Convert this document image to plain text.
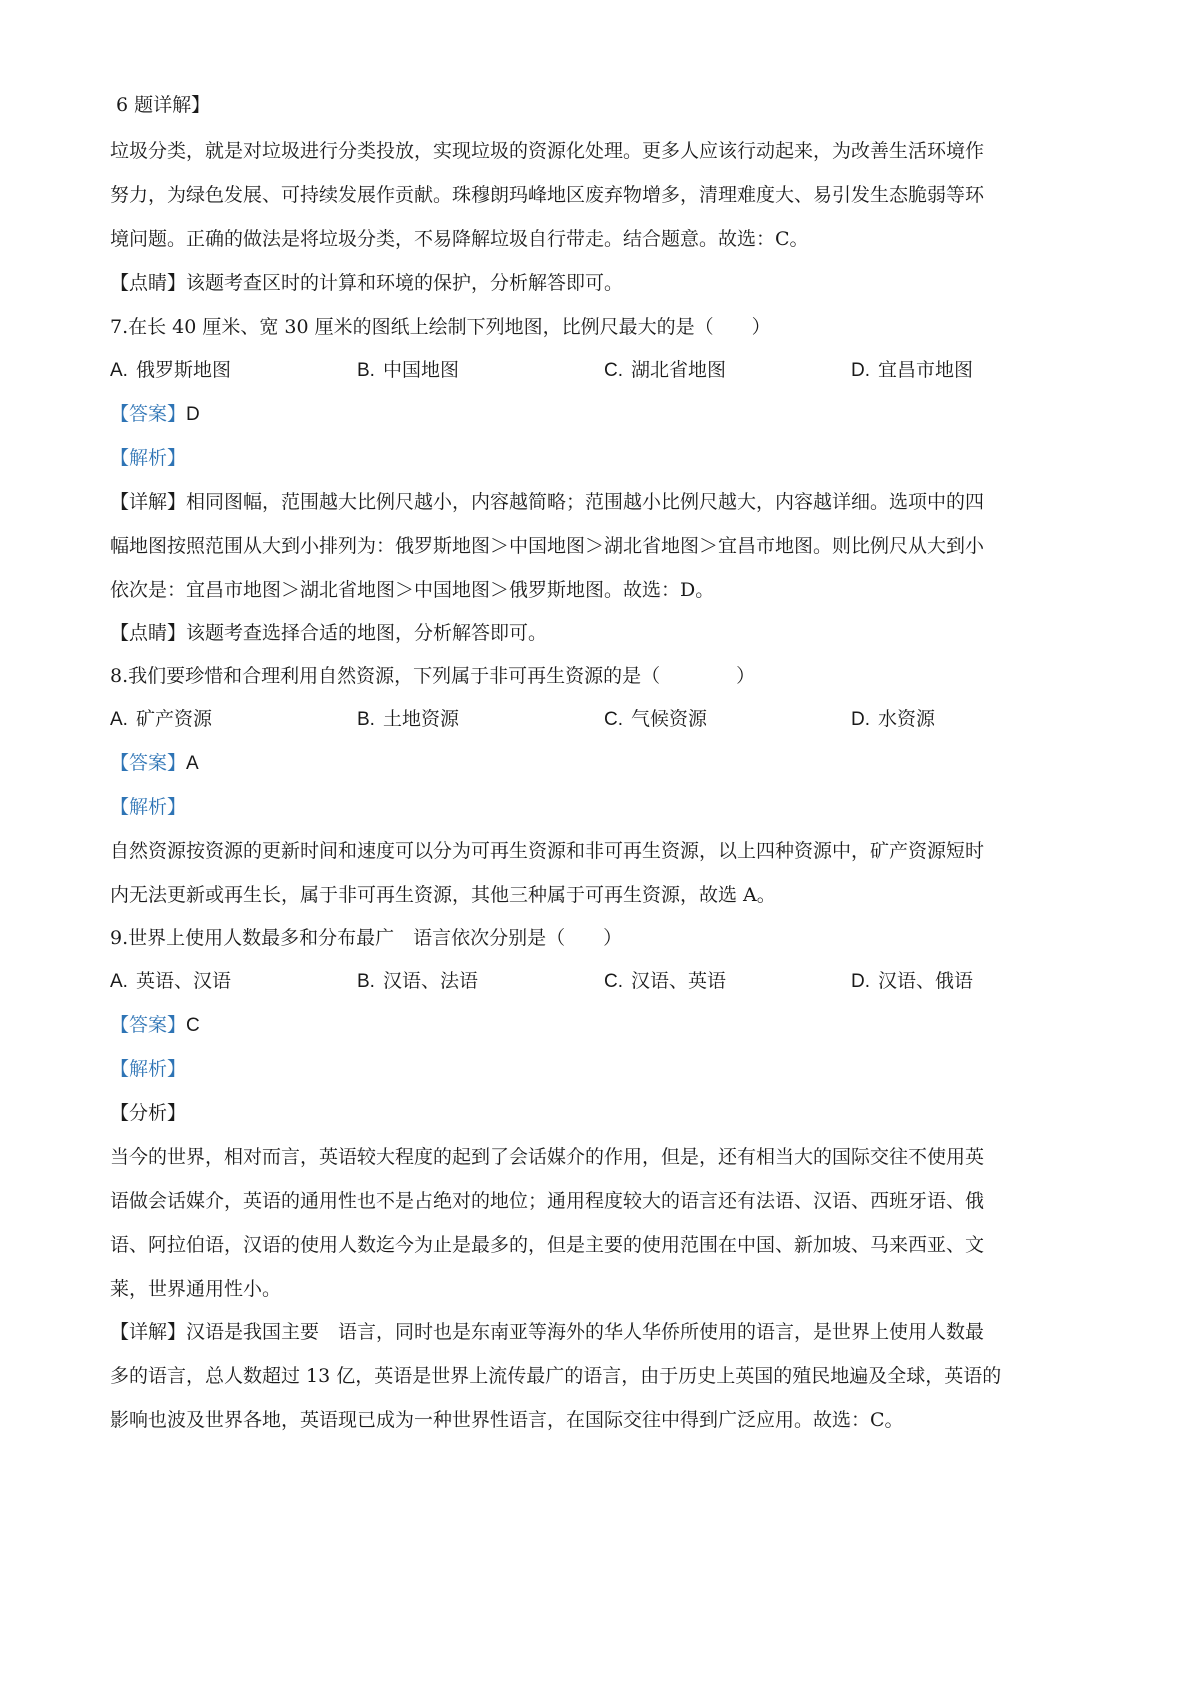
6 题详解】
垃圾分类，就是对垃圾进行分类投放，实现垃圾的资源化处理。更多人应该行动起来，为改善生活环境作
努力，为绿色发展、可持续发展作贡献。珠穆朗玛峰地区废弃物增多，清理难度大、易引发生态脆弱等环
境问题。正确的做法是将垃圾分类，不易降解垃圾自行带走。结合题意。故选：C。
【点睛】该题考查区时的计算和环境的保护，分析解答即可。
7.在长 40 厘米、宽 30 厘米的图纸上绘制下列地图，比例尺最大的是（　　）
A. 俄罗斯地图	B. 中国地图	C. 湖北省地图	D. 宜昌市地图
【答案】D
【解析】
【详解】相同图幅，范围越大比例尺越小，内容越简略；范围越小比例尺越大，内容越详细。选项中的四
幅地图按照范围从大到小排列为：俄罗斯地图＞中国地图＞湖北省地图＞宜昌市地图。则比例尺从大到小
依次是：宜昌市地图＞湖北省地图＞中国地图＞俄罗斯地图。故选：D。
【点睛】该题考查选择合适的地图，分析解答即可。
8.我们要珍惜和合理利用自然资源，下列属于非可再生资源的是（　　　　）
A. 矿产资源	B. 土地资源	C. 气候资源	D. 水资源
【答案】A
【解析】
自然资源按资源的更新时间和速度可以分为可再生资源和非可再生资源，以上四种资源中，矿产资源短时
内无法更新或再生长，属于非可再生资源，其他三种属于可再生资源，故选 A。
9.世界上使用人数最多和分布最广　语言依次分别是（　　）
A. 英语、汉语	B. 汉语、法语	C. 汉语、英语	D. 汉语、俄语
【答案】C
【解析】
【分析】
当今的世界，相对而言，英语较大程度的起到了会话媒介的作用，但是，还有相当大的国际交往不使用英
语做会话媒介，英语的通用性也不是占绝对的地位；通用程度较大的语言还有法语、汉语、西班牙语、俄
语、阿拉伯语，汉语的使用人数迄今为止是最多的，但是主要的使用范围在中国、新加坡、马来西亚、文
莱，世界通用性小。
【详解】汉语是我国主要　语言，同时也是东南亚等海外的华人华侨所使用的语言，是世界上使用人数最
多的语言，总人数超过 13 亿，英语是世界上流传最广的语言，由于历史上英国的殖民地遍及全球，英语的
影响也波及世界各地，英语现已成为一种世界性语言，在国际交往中得到广泛应用。故选：C。
